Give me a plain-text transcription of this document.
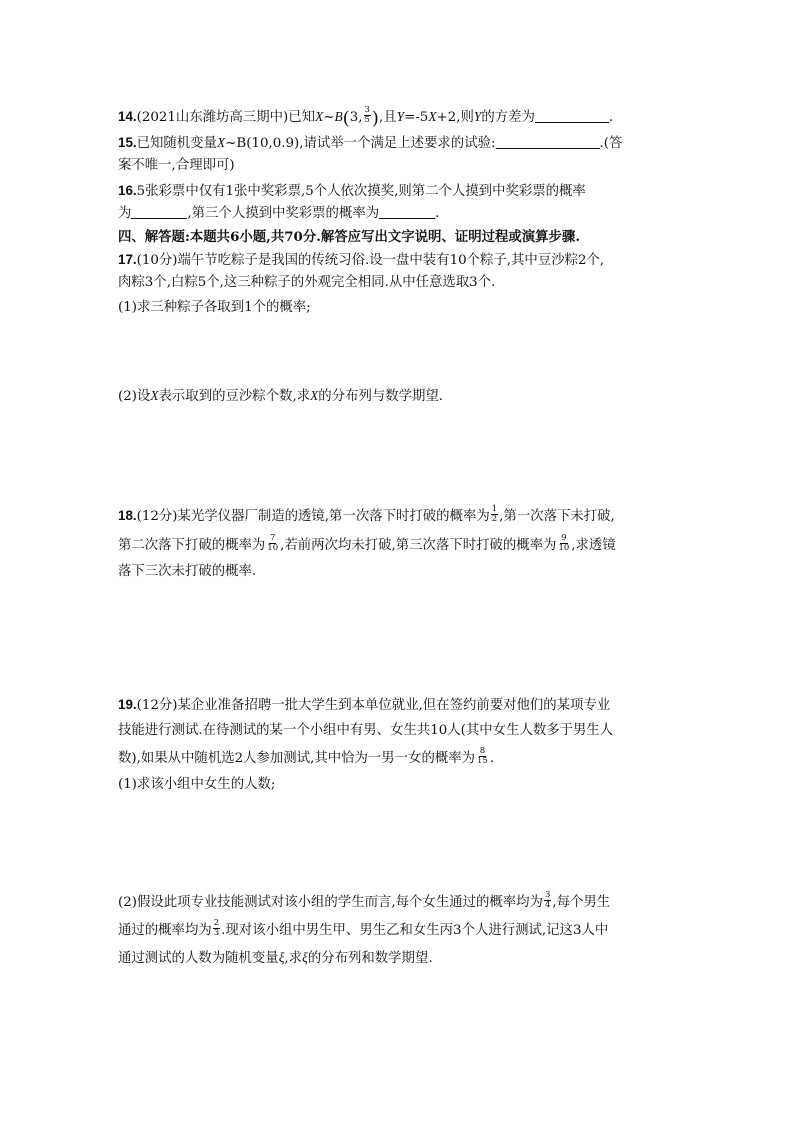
14.(2021山东潍坊高三期中)已知X~B(3, $\frac{3}{5}$ ),且Y=-5X+2,则Y的方差为	.
15.已知随机变量X~B(10,0.9),请试举一个满足上述要求的试验:	.(答
案不唯一,合理即可)
16.5张彩票中仅有1张中奖彩票,5个人依次摸奖,则第二个人摸到中奖彩票的概率
为	,第三个人摸到中奖彩票的概率为	.
四、解答题:本题共6小题,共70分.解答应写出文字说明、证明过程或演算步骤.
17.(10分)端午节吃粽子是我国的传统习俗.设一盘中装有10个粽子,其中豆沙粽2个,
肉粽3个,白粽5个,这三种粽子的外观完全相同.从中任意选取3个.
(1)求三种粽子各取到1个的概率;
(2)设X表示取到的豆沙粽个数,求X的分布列与数学期望.
18.(12分)某光学仪器厂制造的透镜,第一次落下时打破的概率为 $\frac{1}{2}$ ,第一次落下未打破,
第二次落下打破的概率为 $\frac{7}{10}$ ,若前两次均未打破,第三次落下时打破的概率为 $\frac{9}{10}$ ,求透镜
落下三次未打破的概率.
19.(12分)某企业准备招聘一批大学生到本单位就业,但在签约前要对他们的某项专业
技能进行测试.在待测试的某一个小组中有男、女生共10人(其中女生人数多于男生人
数),如果从中随机选2人参加测试,其中恰为一男一女的概率为 $\frac{8}{15}$ .
(1)求该小组中女生的人数;
(2)假设此项专业技能测试对该小组的学生而言,每个女生通过的概率均为 $\frac{3}{4}$ ,每个男生
通过的概率均为 $\frac{2}{3}$ .现对该小组中男生甲、男生乙和女生丙3个人进行测试,记这3人中
通过测试的人数为随机变量ξ,求ξ的分布列和数学期望.
